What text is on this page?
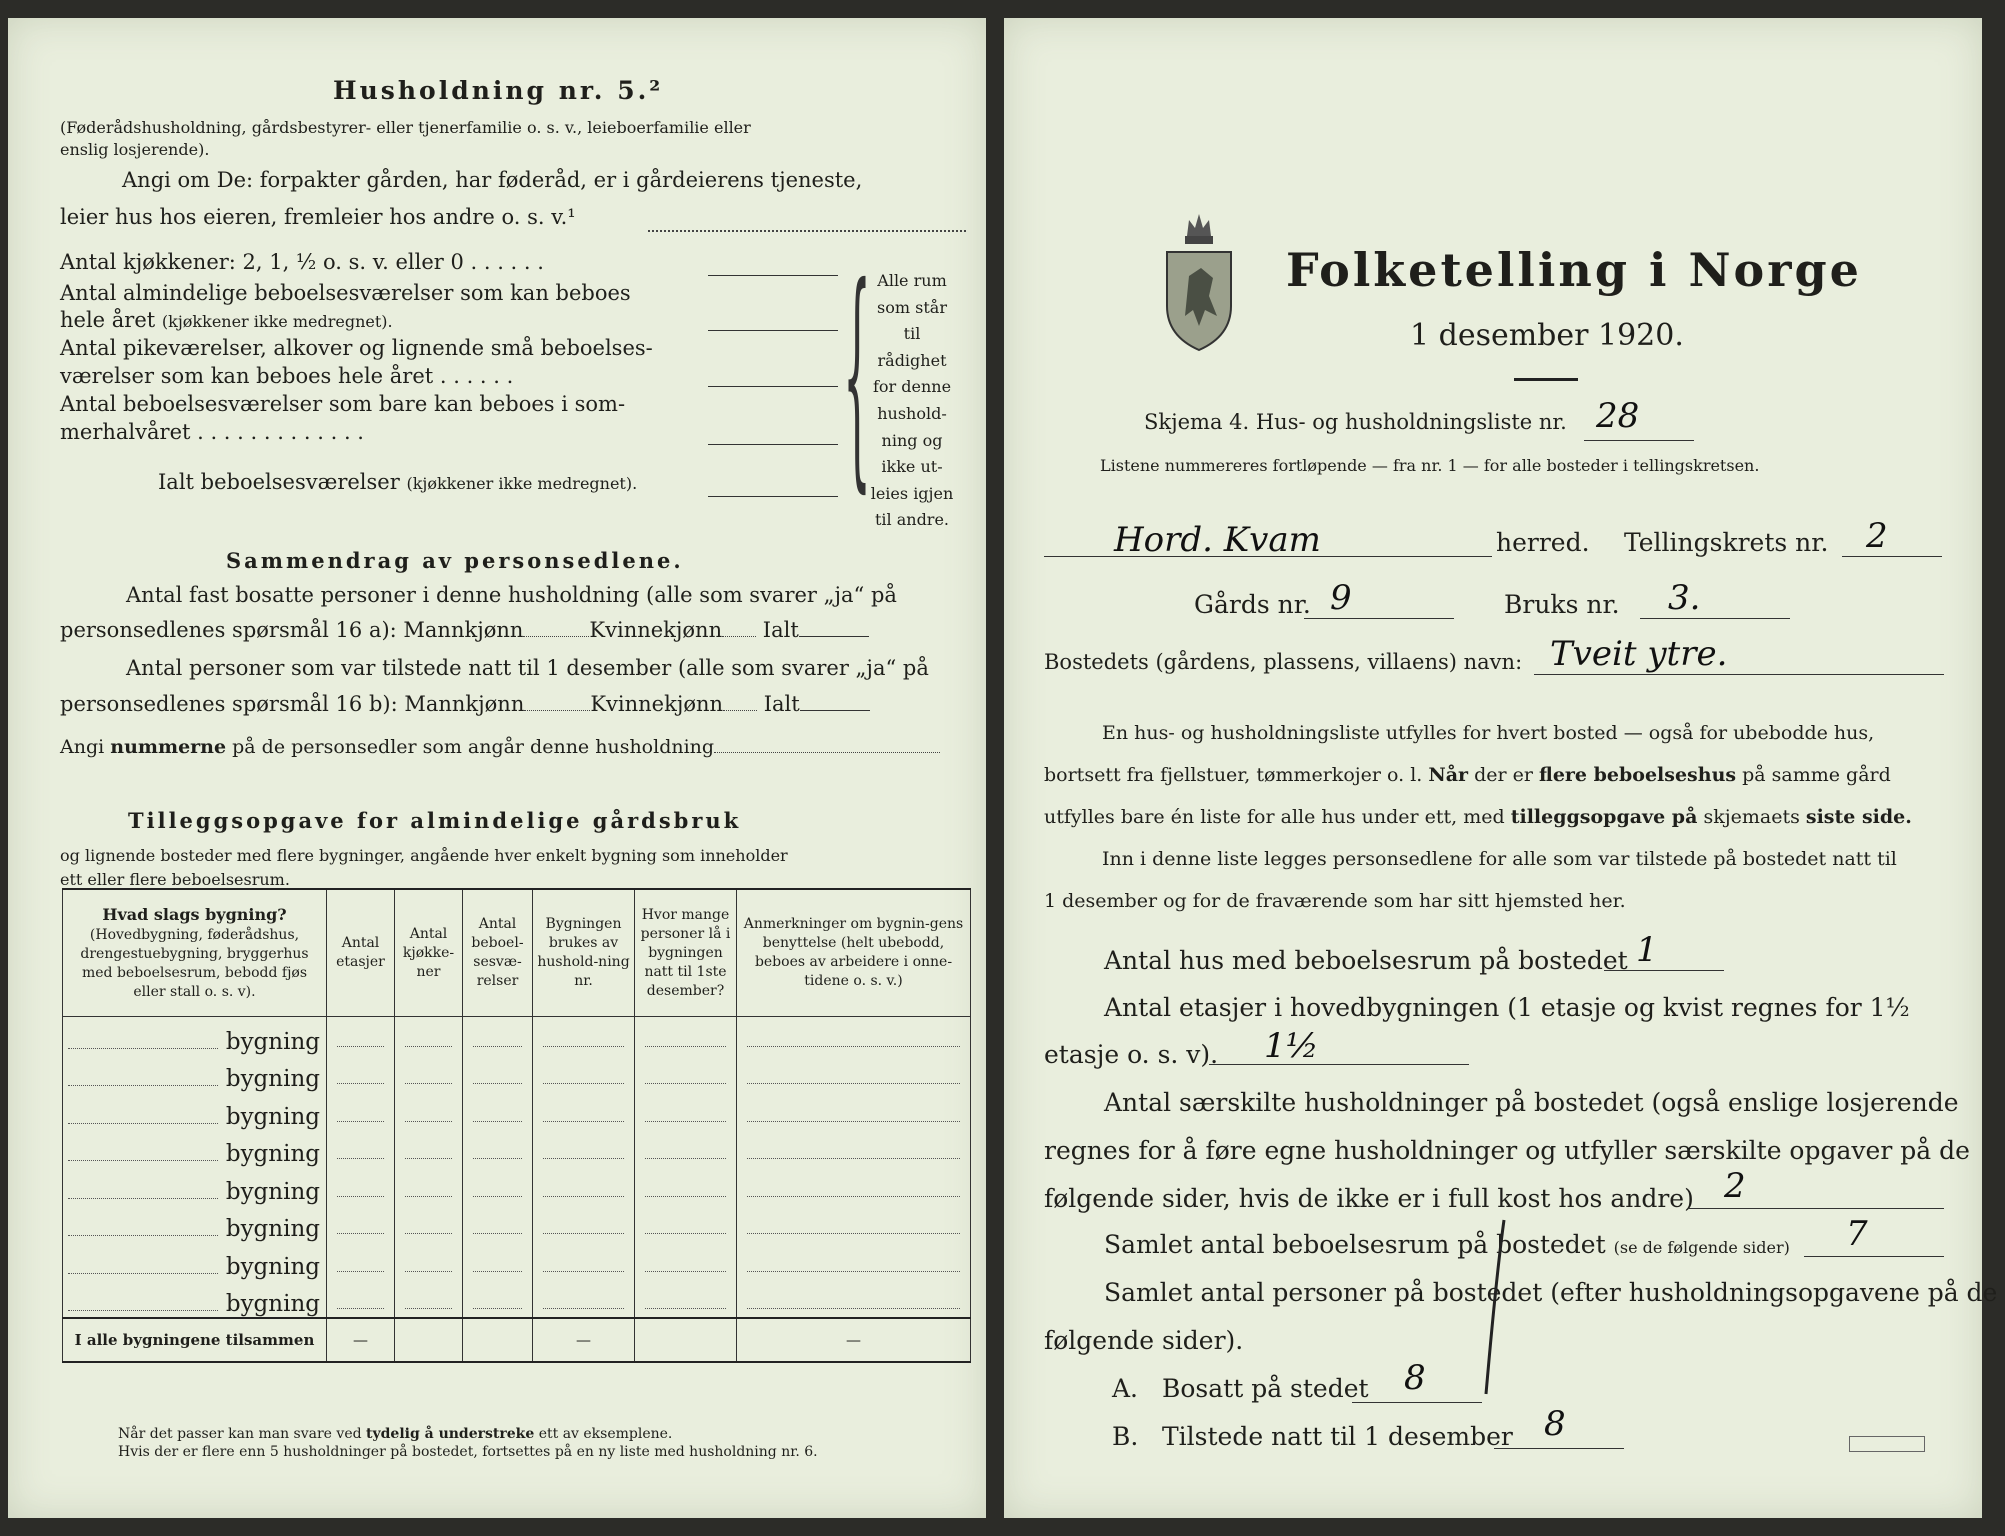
Husholdning nr. 5.²
(Føderådshusholdning, gårdsbestyrer- eller tjenerfamilie o. s. v., leieboerfamilie eller
enslig losjerende).
Angi om De: forpakter gården, har føderåd, er i gårdeierens tjeneste,
leier hus hos eieren, fremleier hos andre o. s. v.¹
Antal kjøkkener: 2, 1, ½ o. s. v. eller 0 . . . . . .
Antal almindelige beboelsesværelser som kan beboes
hele året (kjøkkener ikke medregnet).
Antal pikeværelser, alkover og lignende små beboelses-
værelser som kan beboes hele året . . . . . .
Antal beboelsesværelser som bare kan beboes i som-
merhalvåret . . . . . . . . . . . . .
Ialt beboelsesværelser (kjøkkener ikke medregnet).	{ Alle rum
som står til
rådighet
for denne
hushold-
ning og
ikke ut-
leies igjen
til andre.
Sammendrag av personsedlene.
Antal fast bosatte personer i denne husholdning (alle som svarer „ja“ på
personsedlenes spørsmål 16 a): Mannkjønn	Kvinnekjønn Ialt
Antal personer som var tilstede natt til 1 desember (alle som svarer „ja“ på
personsedlenes spørsmål 16 b): Mannkjønn	Kvinnekjønn Ialt
Angi nummerne på de personsedler som angår denne husholdning
Tilleggsopgave for almindelige gårdsbruk
og lignende bosteder med flere bygninger, angående hver enkelt bygning som inneholder
ett eller flere beboelsesrum.
Hvad slags bygning?
(Hovedbygning, føderådshus, drengestuebygning, bryggerhus med beboelsesrum, bebodd fjøs eller stall o. s. v).	Antal etasjer	Antal kjøkke-ner	Antal beboel-sesvæ-relser	Bygningen brukes av hushold-ning nr.	Hvor mange personer lå i bygningen natt til 1ste desember?	Anmerkninger om bygnin-gens benyttelse (helt ubebodd, beboes av arbeidere i onne-tidene o. s. v.)
bygning	

bygning	

bygning	

bygning	

bygning	

bygning	

bygning	

bygning	

I alle bygningene tilsammen	—			—		—
Når det passer kan man svare ved tydelig å understreke ett av eksemplene.
Hvis der er flere enn 5 husholdninger på bostedet, fortsettes på en ny liste med husholdning nr. 6.
Folketelling i Norge
1 desember 1920.
Skjema 4. Hus- og husholdningsliste nr. 28
Listene nummereres fortløpende — fra nr. 1 — for alle bosteder i tellingskretsen.
Hord. Kvam	herred. Tellingskrets nr. 2
Gårds nr. 9	Bruks nr. 3.
Bostedets (gårdens, plassens, villaens) navn: Tveit ytre.
En hus- og husholdningsliste utfylles for hvert bosted — også for ubebodde hus,
bortsett fra fjellstuer, tømmerkojer o. l. Når der er flere beboelseshus på samme gård
utfylles bare én liste for alle hus under ett, med tilleggsopgave på skjemaets siste side.
Inn i denne liste legges personsedlene for alle som var tilstede på bostedet natt til
1 desember og for de fraværende som har sitt hjemsted her.
Antal hus med beboelsesrum på bostedet 1
Antal etasjer i hovedbygningen (1 etasje og kvist regnes for 1½
etasje o. s. v). 1½
Antal særskilte husholdninger på bostedet (også enslige losjerende
regnes for å føre egne husholdninger og utfyller særskilte opgaver på de
følgende sider, hvis de ikke er i full kost hos andre) 2
Samlet antal beboelsesrum på bostedet (se de følgende sider) 7
Samlet antal personer på bostedet (efter husholdningsopgavene på de
følgende sider).
A. Bosatt på stedet 8
B. Tilstede natt til 1 desember 8
